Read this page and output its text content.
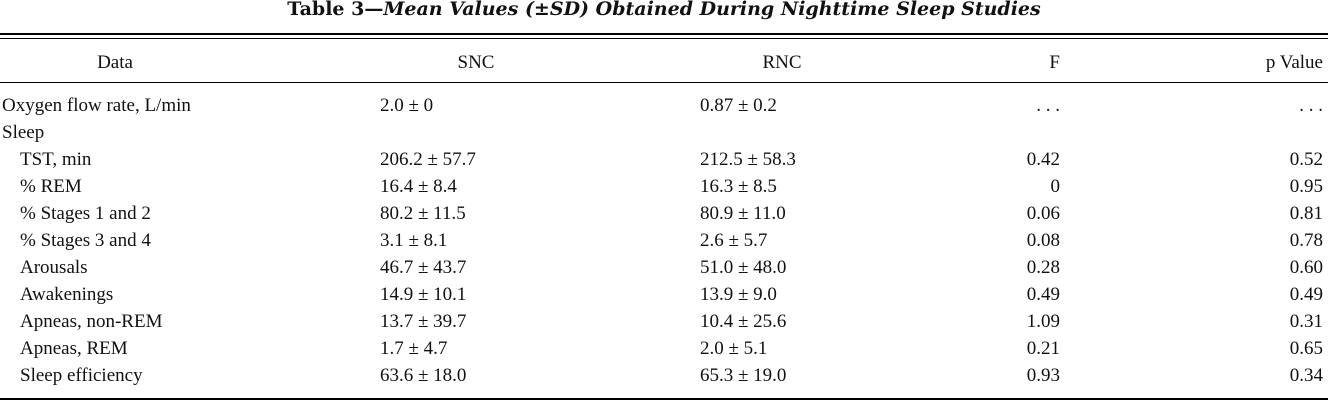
Table 3—Mean Values (±SD) Obtained During Nighttime Sleep Studies
Data	SNC	RNC	F	p Value
Oxygen flow rate, L/min	2.0 ± 0	0.87 ± 0.2	. . .	. . .
Sleep
TST, min	206.2 ± 57.7	212.5 ± 58.3	0.42	0.52
% REM	16.4 ± 8.4	16.3 ± 8.5	0	0.95
% Stages 1 and 2	80.2 ± 11.5	80.9 ± 11.0	0.06	0.81
% Stages 3 and 4	3.1 ± 8.1	2.6 ± 5.7	0.08	0.78
Arousals	46.7 ± 43.7	51.0 ± 48.0	0.28	0.60
Awakenings	14.9 ± 10.1	13.9 ± 9.0	0.49	0.49
Apneas, non-REM	13.7 ± 39.7	10.4 ± 25.6	1.09	0.31
Apneas, REM	1.7 ± 4.7	2.0 ± 5.1	0.21	0.65
Sleep efficiency	63.6 ± 18.0	65.3 ± 19.0	0.93	0.34
